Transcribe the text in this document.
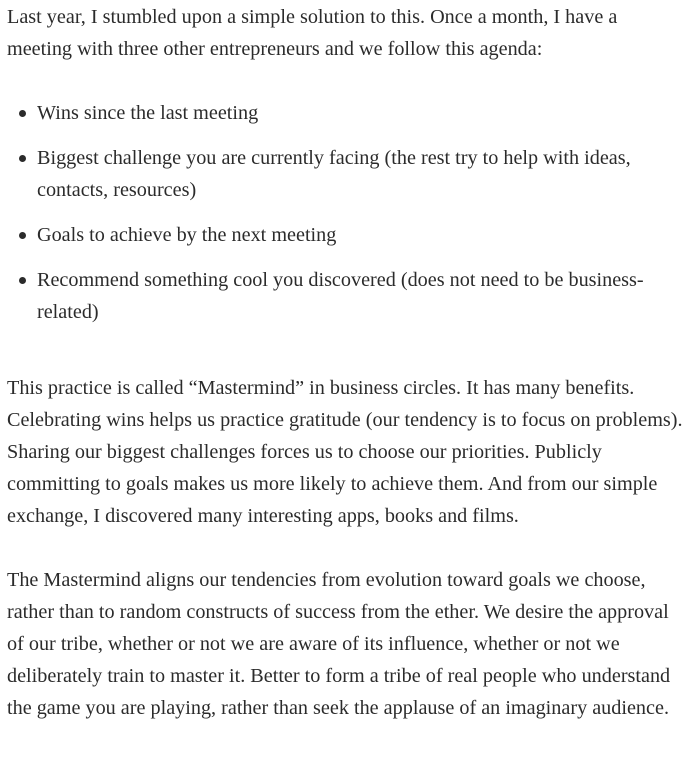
Last year, I stumbled upon a simple solution to this. Once a month, I have a meeting with three other entrepreneurs and we follow this agenda:

Wins since the last meeting
Biggest challenge you are currently facing (the rest try to help with ideas, contacts, resources)
Goals to achieve by the next meeting
Recommend something cool you discovered (does not need to be business-related)

This practice is called “Mastermind” in business circles. It has many benefits. Celebrating wins helps us practice gratitude (our tendency is to focus on problems). Sharing our biggest challenges forces us to choose our priorities. Publicly committing to goals makes us more likely to achieve them. And from our simple exchange, I discovered many interesting apps, books and films.

The Mastermind aligns our tendencies from evolution toward goals we choose, rather than to random constructs of success from the ether. We desire the approval of our tribe, whether or not we are aware of its influence, whether or not we deliberately train to master it. Better to form a tribe of real people who understand the game you are playing, rather than seek the applause of an imaginary audience.
